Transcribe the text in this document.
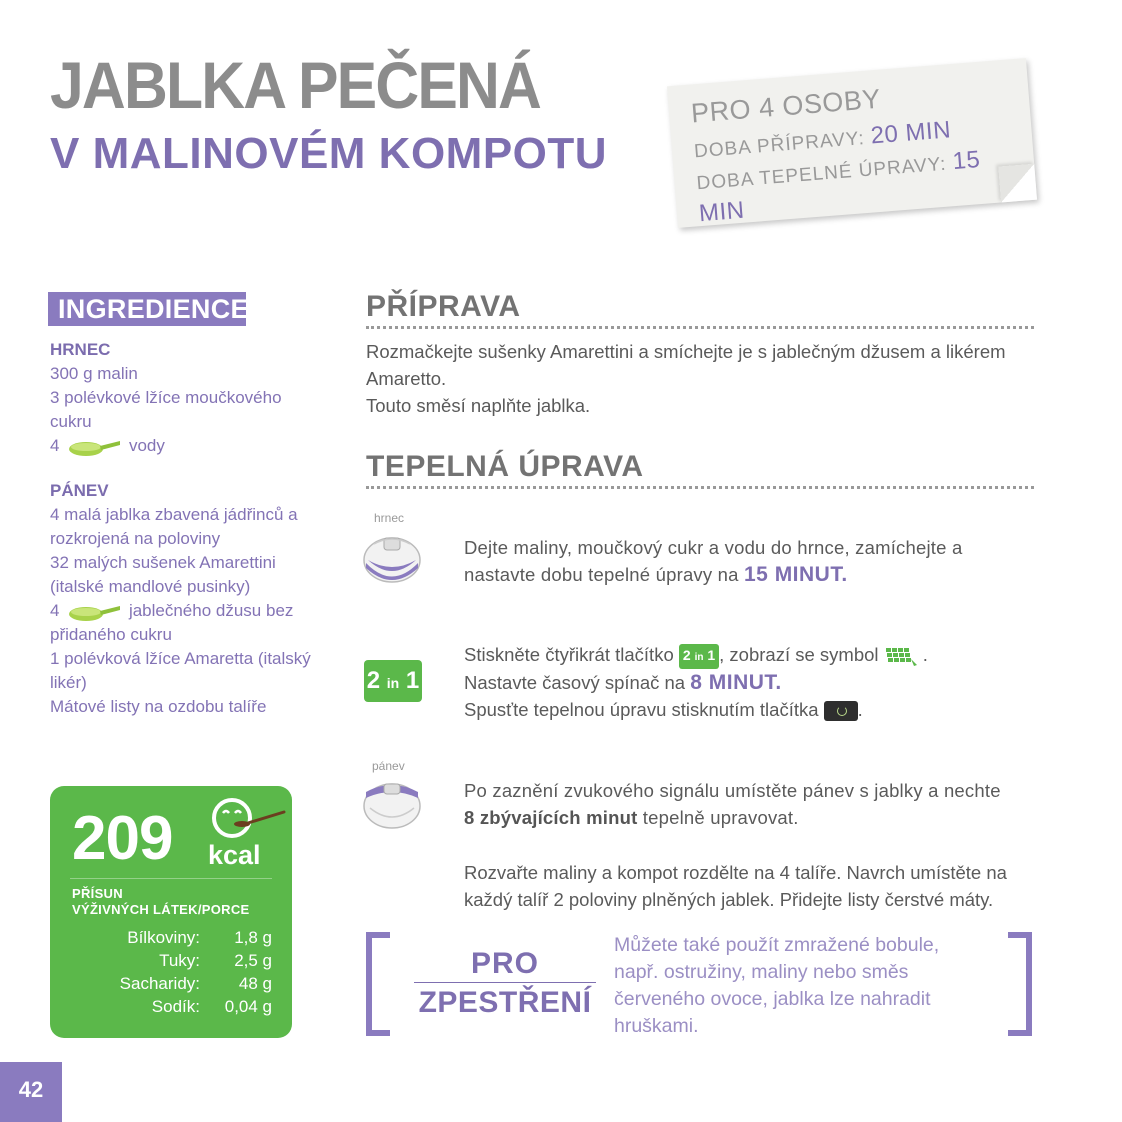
JABLKA PEČENÁ
V MALINOVÉM KOMPOTU
PRO 4 OSOBY
DOBA PŘÍPRAVY: 20 MIN
DOBA TEPELNÉ ÚPRAVY: 15 MIN
INGREDIENCE
HRNEC
300 g malin
3 polévkové lžíce moučkového
cukru
4	vody
PÁNEV
4 malá jablka zbavená jádřinců a
rozkrojená na poloviny
32 malých sušenek Amarettini
(italské mandlové pusinky)
4	jablečného džusu bez
přidaného cukru
1 polévková lžíce Amaretta (italský
likér)
Mátové listy na ozdobu talíře
209 kcal
PŘÍSUN
VÝŽIVNÝCH LÁTEK/PORCE
Bílkoviny:	1,8 g
Tuky:	2,5 g
Sacharidy:	48 g
Sodík:	0,04 g
42
PŘÍPRAVA
Rozmačkejte sušenky Amarettini a smíchejte je s jablečným džusem a likérem
Amaretto.
Touto směsí naplňte jablka.
TEPELNÁ ÚPRAVA
hrnec
Dejte maliny, moučkový cukr a vodu do hrnce, zamíchejte a
nastavte dobu tepelné úpravy na 15 MINUT.
2 in 1
Stiskněte čtyřikrát tlačítko 2 in 1 , zobrazí se symbol .
Nastavte časový spínač na 8 MINUT.
Spusťte tepelnou úpravu stisknutím tlačítka .
pánev
Po zaznění zvukového signálu umístěte pánev s jablky a nechte
8 zbývajících minut tepelně upravovat.
Rozvařte maliny a kompot rozdělte na 4 talíře. Navrch umístěte na
každý talíř 2 poloviny plněných jablek. Přidejte listy čerstvé máty.
PRO
ZPESTŘENÍ
Můžete také použít zmražené bobule,
např. ostružiny, maliny nebo směs
červeného ovoce, jablka lze nahradit
hruškami.
